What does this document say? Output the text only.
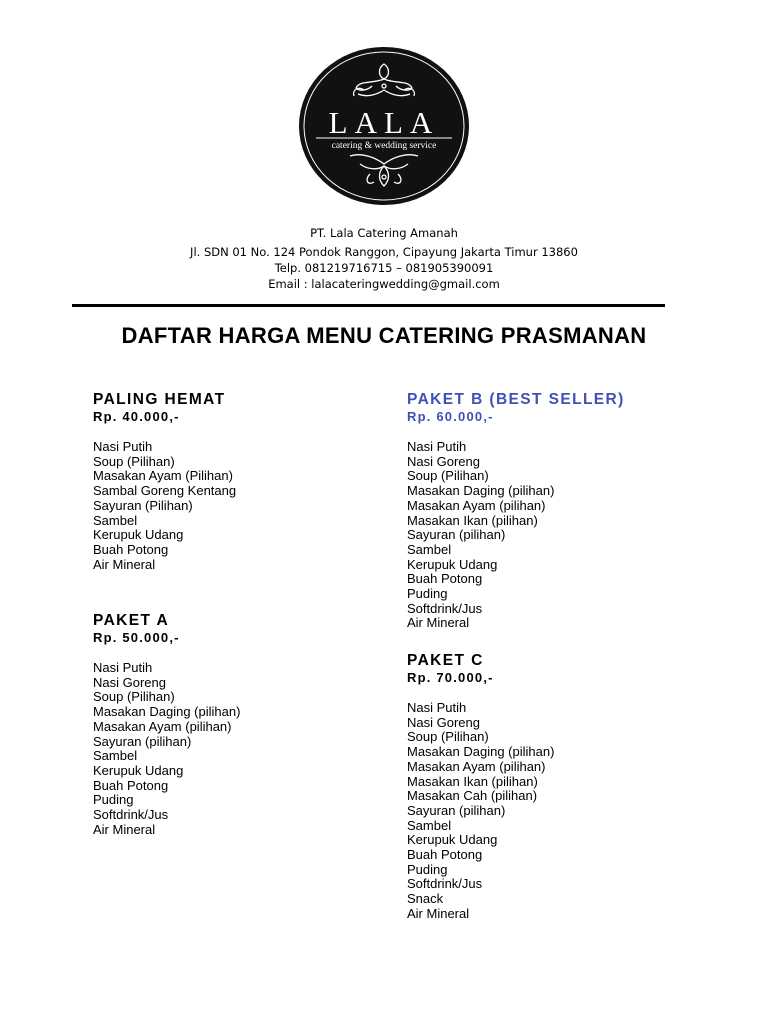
LALA
catering & wedding service
PT. Lala Catering Amanah
Jl. SDN 01 No. 124 Pondok Ranggon, Cipayung Jakarta Timur 13860
Telp. 081219716715 – 081905390091
Email : lalacateringwedding@gmail.com
DAFTAR HARGA MENU CATERING PRASMANAN
PALING HEMAT
Rp. 40.000,-
Nasi Putih
Soup (Pilihan)
Masakan Ayam (Pilihan)
Sambal Goreng Kentang
Sayuran (Pilihan)
Sambel
Kerupuk Udang
Buah Potong
Air Mineral
PAKET A
Rp. 50.000,-
Nasi Putih
Nasi Goreng
Soup (Pilihan)
Masakan Daging (pilihan)
Masakan Ayam (pilihan)
Sayuran (pilihan)
Sambel
Kerupuk Udang
Buah Potong
Puding
Softdrink/Jus
Air Mineral
PAKET B (BEST SELLER)
Rp. 60.000,-
Nasi Putih
Nasi Goreng
Soup (Pilihan)
Masakan Daging (pilihan)
Masakan Ayam (pilihan)
Masakan Ikan (pilihan)
Sayuran (pilihan)
Sambel
Kerupuk Udang
Buah Potong
Puding
Softdrink/Jus
Air Mineral
PAKET C
Rp. 70.000,-
Nasi Putih
Nasi Goreng
Soup (Pilihan)
Masakan Daging (pilihan)
Masakan Ayam (pilihan)
Masakan Ikan (pilihan)
Masakan Cah (pilihan)
Sayuran (pilihan)
Sambel
Kerupuk Udang
Buah Potong
Puding
Softdrink/Jus
Snack
Air Mineral
